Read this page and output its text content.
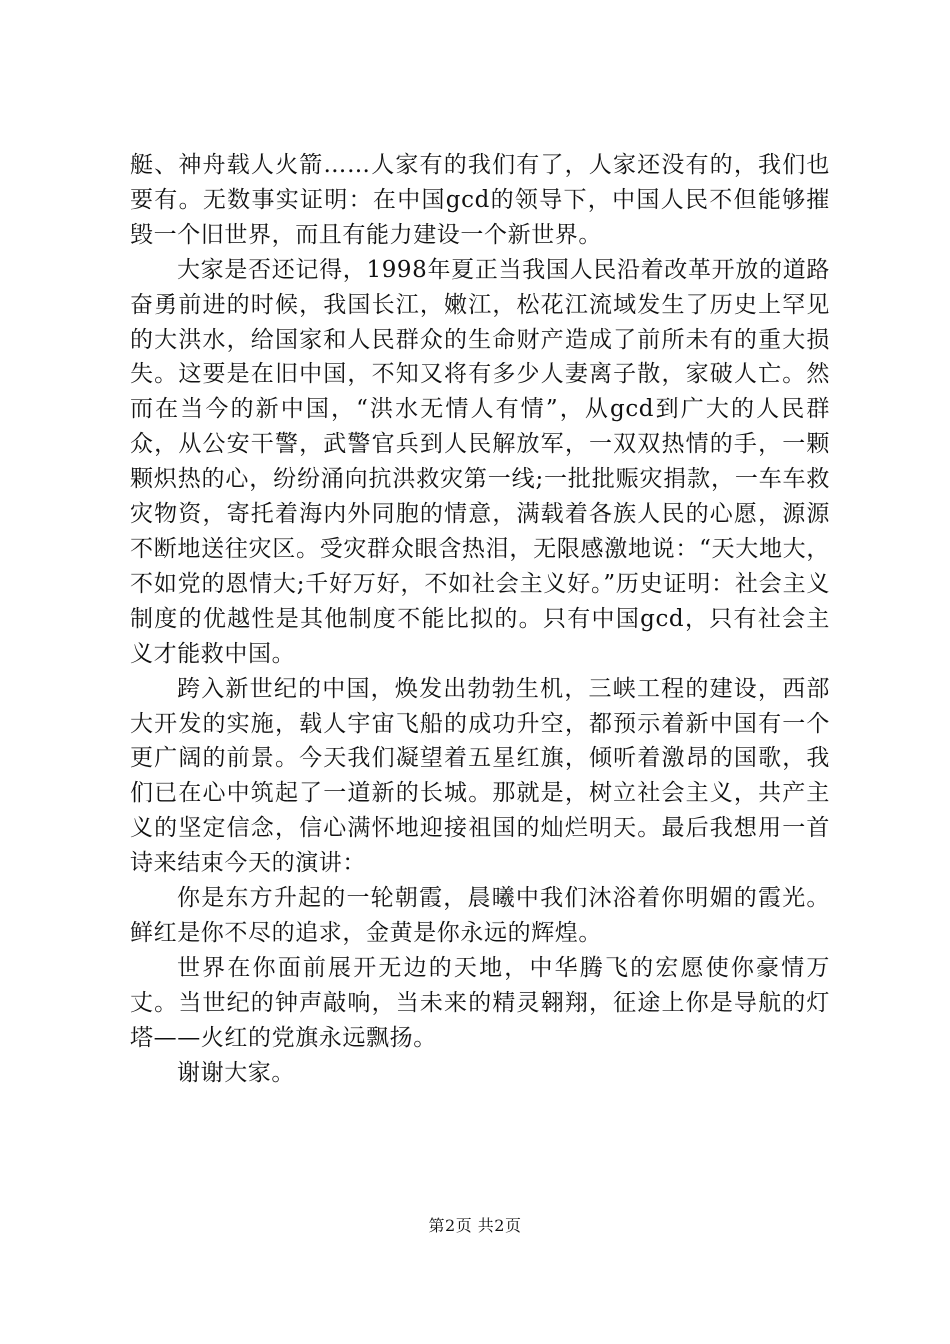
艇、神舟载人火箭……人家有的我们有了，人家还没有的，我们也要有。无数事实证明：在中国gcd的领导下，中国人民不但能够摧毁一个旧世界，而且有能力建设一个新世界。

大家是否还记得，1998年夏正当我国人民沿着改革开放的道路奋勇前进的时候，我国长江，嫩江，松花江流域发生了历史上罕见的大洪水，给国家和人民群众的生命财产造成了前所未有的重大损失。这要是在旧中国，不知又将有多少人妻离子散，家破人亡。然而在当今的新中国，“洪水无情人有情”，从gcd到广大的人民群众，从公安干警，武警官兵到人民解放军，一双双热情的手，一颗颗炽热的心，纷纷涌向抗洪救灾第一线;一批批赈灾捐款，一车车救灾物资，寄托着海内外同胞的情意，满载着各族人民的心愿，源源不断地送往灾区。受灾群众眼含热泪，无限感激地说：“天大地大，不如党的恩情大;千好万好，不如社会主义好。”历史证明：社会主义制度的优越性是其他制度不能比拟的。只有中国gcd，只有社会主义才能救中国。

跨入新世纪的中国，焕发出勃勃生机，三峡工程的建设，西部大开发的实施，载人宇宙飞船的成功升空，都预示着新中国有一个更广阔的前景。今天我们凝望着五星红旗，倾听着激昂的国歌，我们已在心中筑起了一道新的长城。那就是，树立社会主义，共产主义的坚定信念，信心满怀地迎接祖国的灿烂明天。最后我想用一首诗来结束今天的演讲：

你是东方升起的一轮朝霞，晨曦中我们沐浴着你明媚的霞光。鲜红是你不尽的追求，金黄是你永远的辉煌。

世界在你面前展开无边的天地，中华腾飞的宏愿使你豪情万丈。当世纪的钟声敲响，当未来的精灵翱翔，征途上你是导航的灯塔——火红的党旗永远飘扬。

谢谢大家。

第2页 共2页
